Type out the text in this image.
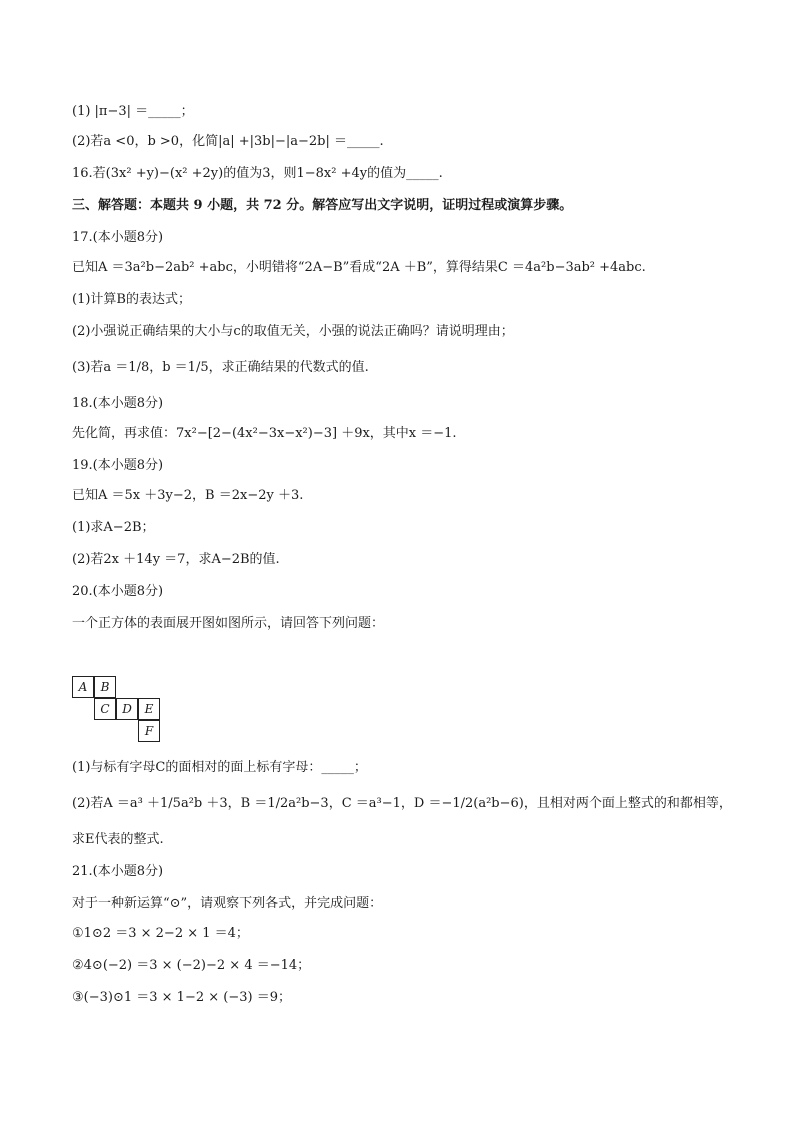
(1) |π−3| ＝_____；
(2)若a <0，b >0，化简|a| +|3b|−|a−2b| ＝_____.
16.若(3x² +y)−(x² +2y)的值为3，则1−8x² +4y的值为_____.
三、解答题：本题共 9 小题，共 72 分。解答应写出文字说明，证明过程或演算步骤。
17.(本小题8分)
已知A ＝3a²b−2ab² +abc，小明错将“2A−B”看成“2A ＋B”，算得结果C ＝4a²b−3ab² +4abc.
(1)计算B的表达式；
(2)小强说正确结果的大小与c的取值无关，小强的说法正确吗？请说明理由；
(3)若a ＝1/8，b ＝1/5，求正确结果的代数式的值.
18.(本小题8分)
先化简，再求值：7x²−[2−(4x²−3x−x²)−3] ＋9x，其中x ＝−1.
19.(本小题8分)
已知A ＝5x ＋3y−2，B ＝2x−2y ＋3.
(1)求A−2B；
(2)若2x ＋14y ＝7，求A−2B的值.
20.(本小题8分)
一个正方体的表面展开图如图所示，请回答下列问题：
A	B
C	D	E
F
(1)与标有字母C的面相对的面上标有字母：_____；
(2)若A ＝a³ ＋1/5a²b ＋3，B ＝1/2a²b−3，C ＝a³−1，D ＝−1/2(a²b−6)，且相对两个面上整式的和都相等，
求E代表的整式.
21.(本小题8分)
对于一种新运算“⊙”，请观察下列各式，并完成问题：
①1⊙2 ＝3 × 2−2 × 1 ＝4；
②4⊙(−2) ＝3 × (−2)−2 × 4 ＝−14；
③(−3)⊙1 ＝3 × 1−2 × (−3) ＝9；
